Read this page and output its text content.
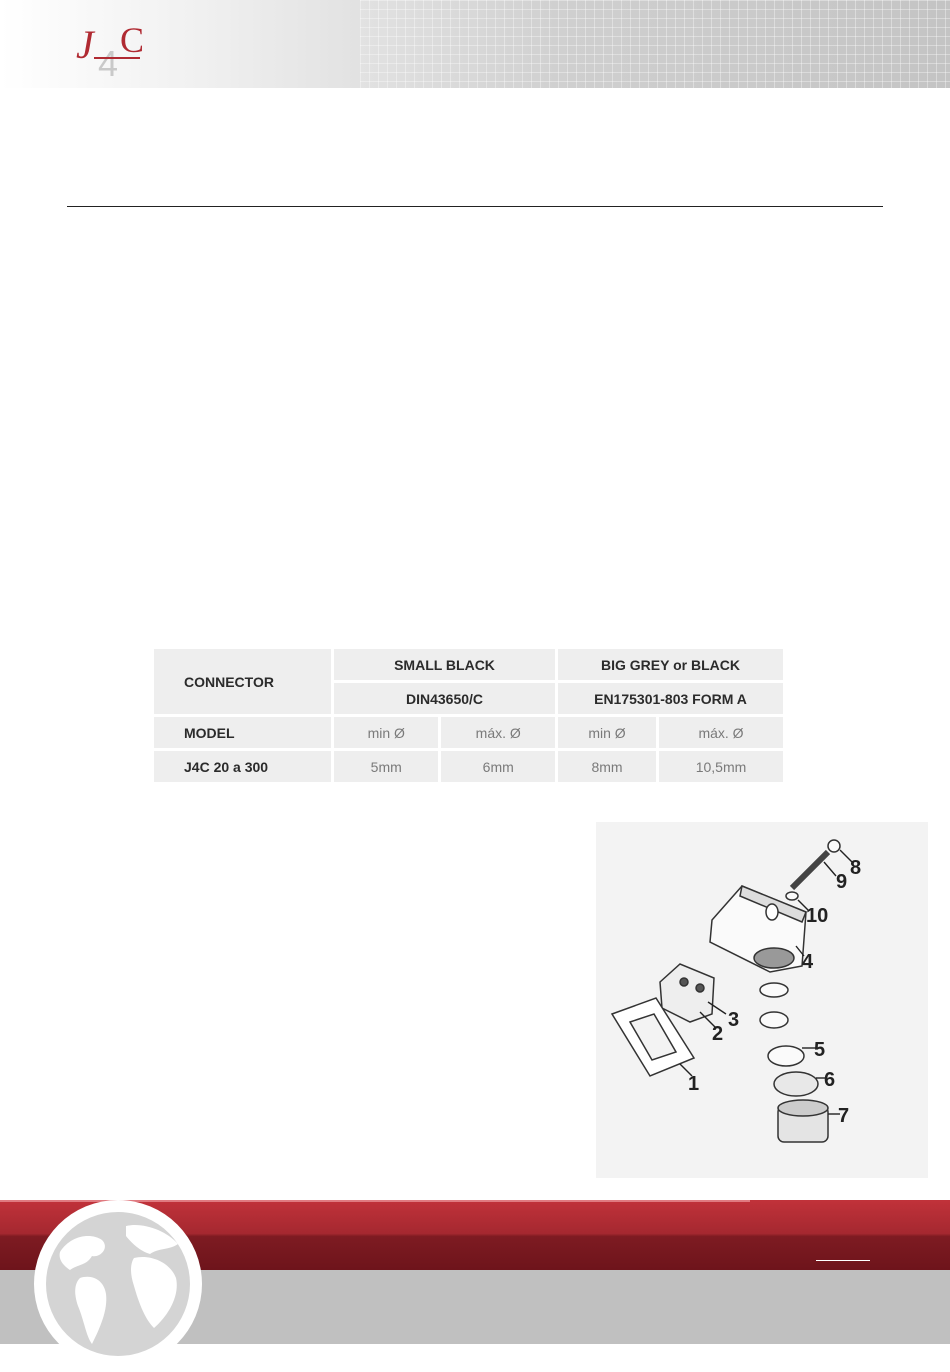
J 4
C
CONNECTOR	SMALL BLACK		BIG GREY or BLACK	
	DIN43650/C		EN175301-803 FORM A	
MODEL	min Ø	máx. Ø	min Ø	máx. Ø
J4C 20 a 300	5mm	6mm	8mm	10,5mm
8
9
10
4
3
2
5
6
1
7
